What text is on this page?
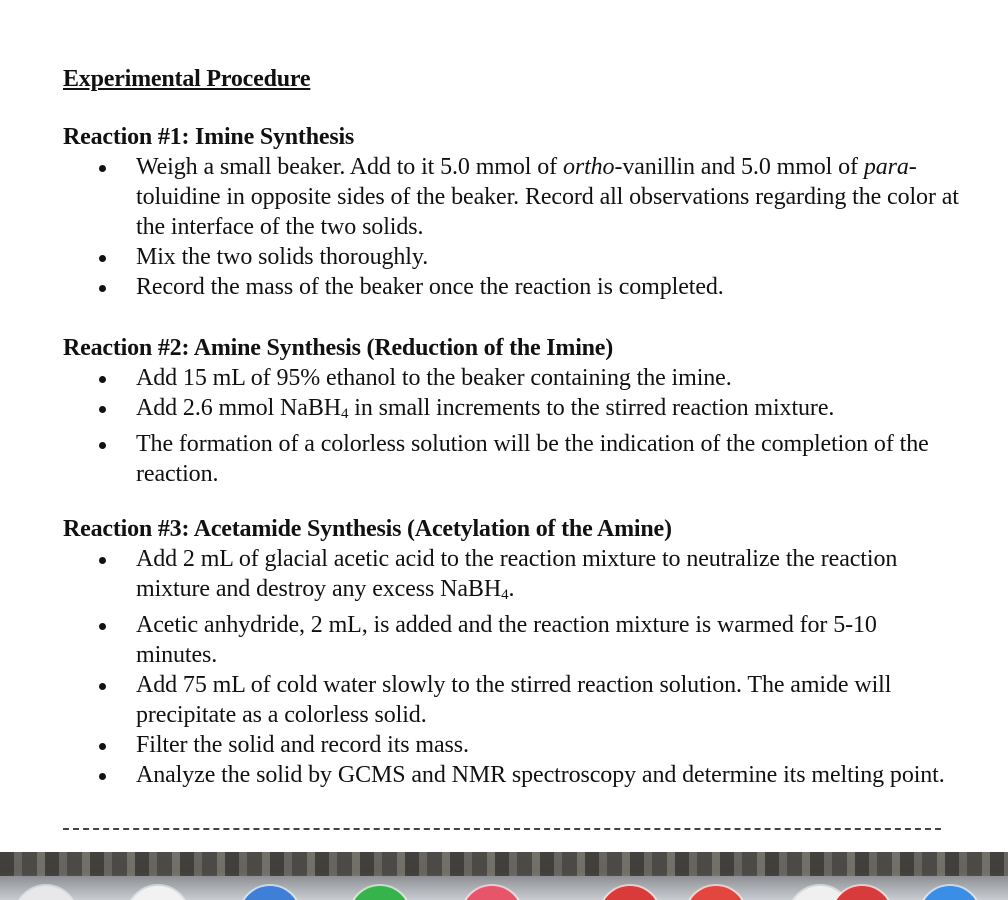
Experimental Procedure
Reaction #1: Imine Synthesis
Weigh a small beaker. Add to it 5.0 mmol of ortho-vanillin and 5.0 mmol of para-toluidine in opposite sides of the beaker. Record all observations regarding the color at the interface of the two solids.
Mix the two solids thoroughly.
Record the mass of the beaker once the reaction is completed.
Reaction #2: Amine Synthesis (Reduction of the Imine)
Add 15 mL of 95% ethanol to the beaker containing the imine.
Add 2.6 mmol NaBH$_4$ in small increments to the stirred reaction mixture.
The formation of a colorless solution will be the indication of the completion of the reaction.
Reaction #3: Acetamide Synthesis (Acetylation of the Amine)
Add 2 mL of glacial acetic acid to the reaction mixture to neutralize the reaction mixture and destroy any excess NaBH$_4$.
Acetic anhydride, 2 mL, is added and the reaction mixture is warmed for 5-10 minutes.
Add 75 mL of cold water slowly to the stirred reaction solution. The amide will precipitate as a colorless solid.
Filter the solid and record its mass.
Analyze the solid by GCMS and NMR spectroscopy and determine its melting point.
